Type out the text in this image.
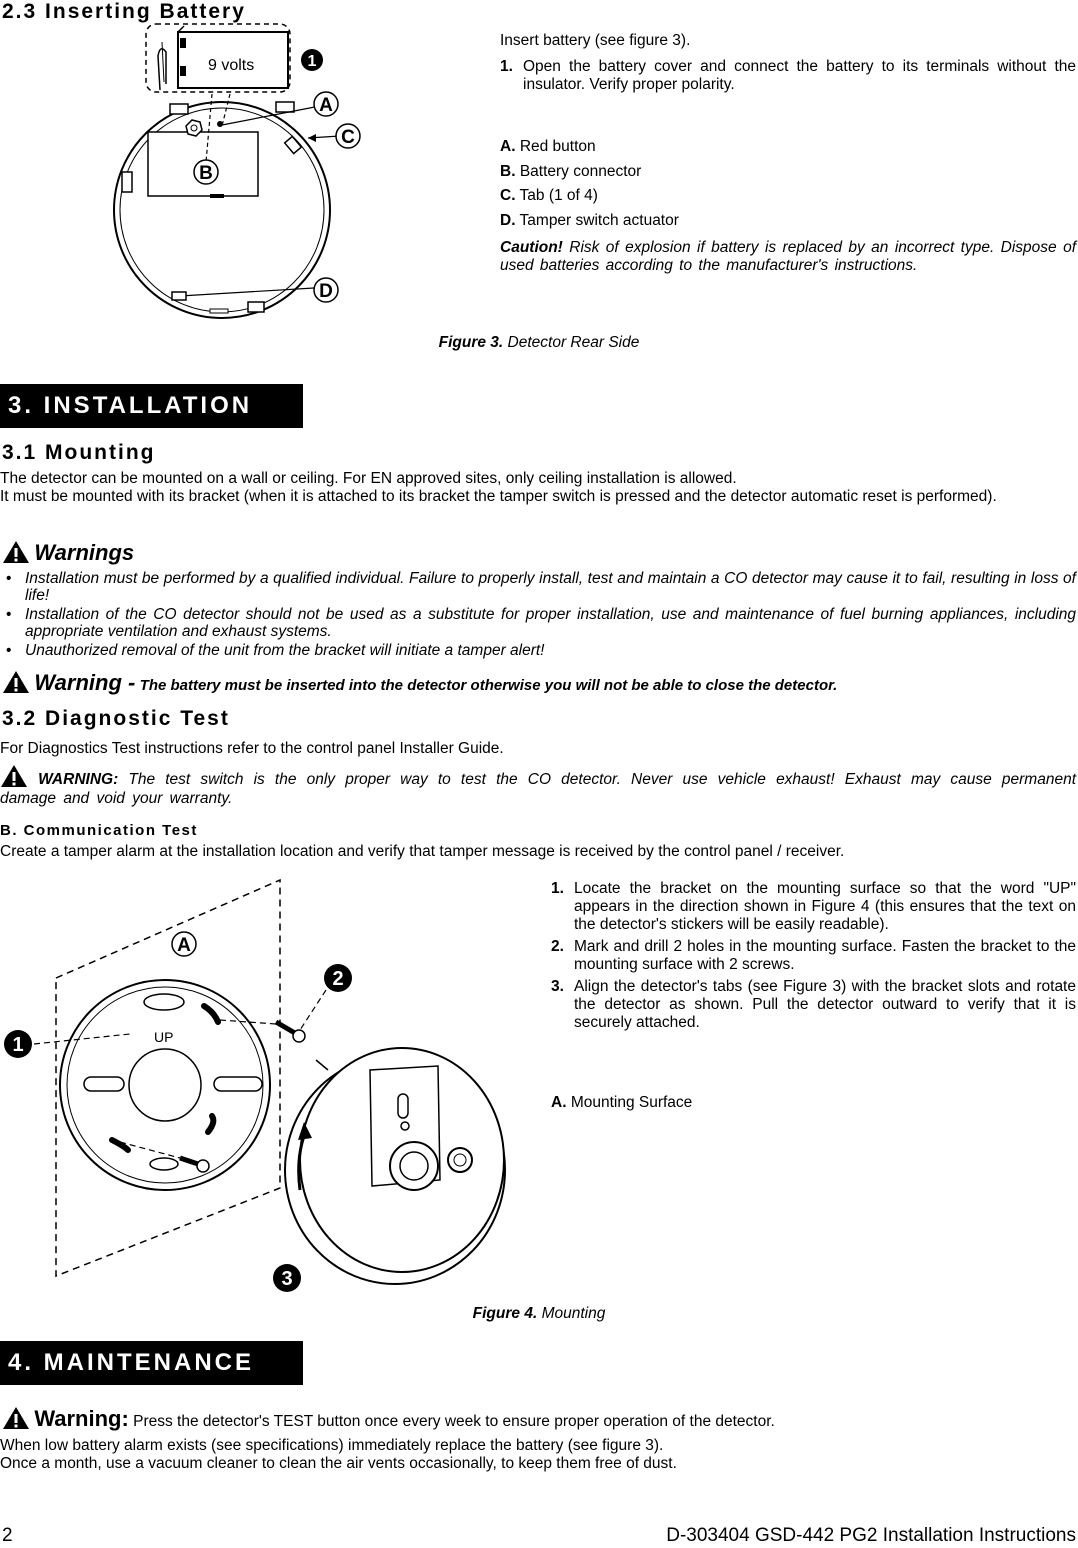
2.3 Inserting Battery
9 volts	1
A
B
C
D
Insert battery (see figure 3).
1. Open the battery cover and connect the battery to its terminals without the insulator. Verify proper polarity.
A. Red button
B. Battery connector
C. Tab (1 of 4)
D. Tamper switch actuator
Caution! Risk of explosion if battery is replaced by an incorrect type. Dispose of used batteries according to the manufacturer's instructions.
Figure 3. Detector Rear Side
3. INSTALLATION
3.1 Mounting
The detector can be mounted on a wall or ceiling. For EN approved sites, only ceiling installation is allowed.
It must be mounted with its bracket (when it is attached to its bracket the tamper switch is pressed and the detector automatic reset is performed).
Warnings
• Installation must be performed by a qualified individual. Failure to properly install, test and maintain a CO detector may cause it to fail, resulting in loss of life!
• Installation of the CO detector should not be used as a substitute for proper installation, use and maintenance of fuel burning appliances, including appropriate ventilation and exhaust systems.
• Unauthorized removal of the unit from the bracket will initiate a tamper alert!
Warning - The battery must be inserted into the detector otherwise you will not be able to close the detector.
3.2 Diagnostic Test
For Diagnostics Test instructions refer to the control panel Installer Guide.
WARNING: The test switch is the only proper way to test the CO detector. Never use vehicle exhaust! Exhaust may cause permanent damage and void your warranty.
B. Communication Test
Create a tamper alarm at the installation location and verify that tamper message is received by the control panel / receiver.
UP
A
1
2
3
1. Locate the bracket on the mounting surface so that the word "UP" appears in the direction shown in Figure 4 (this ensures that the text on the detector's stickers will be easily readable).
2. Mark and drill 2 holes in the mounting surface. Fasten the bracket to the mounting surface with 2 screws.
3. Align the detector's tabs (see Figure 3) with the bracket slots and rotate the detector as shown. Pull the detector outward to verify that it is securely attached.
A. Mounting Surface
Figure 4. Mounting
4. MAINTENANCE
Warning: Press the detector's TEST button once every week to ensure proper operation of the detector.
When low battery alarm exists (see specifications) immediately replace the battery (see figure 3).
Once a month, use a vacuum cleaner to clean the air vents occasionally, to keep them free of dust.
2	D-303404 GSD-442 PG2 Installation Instructions
